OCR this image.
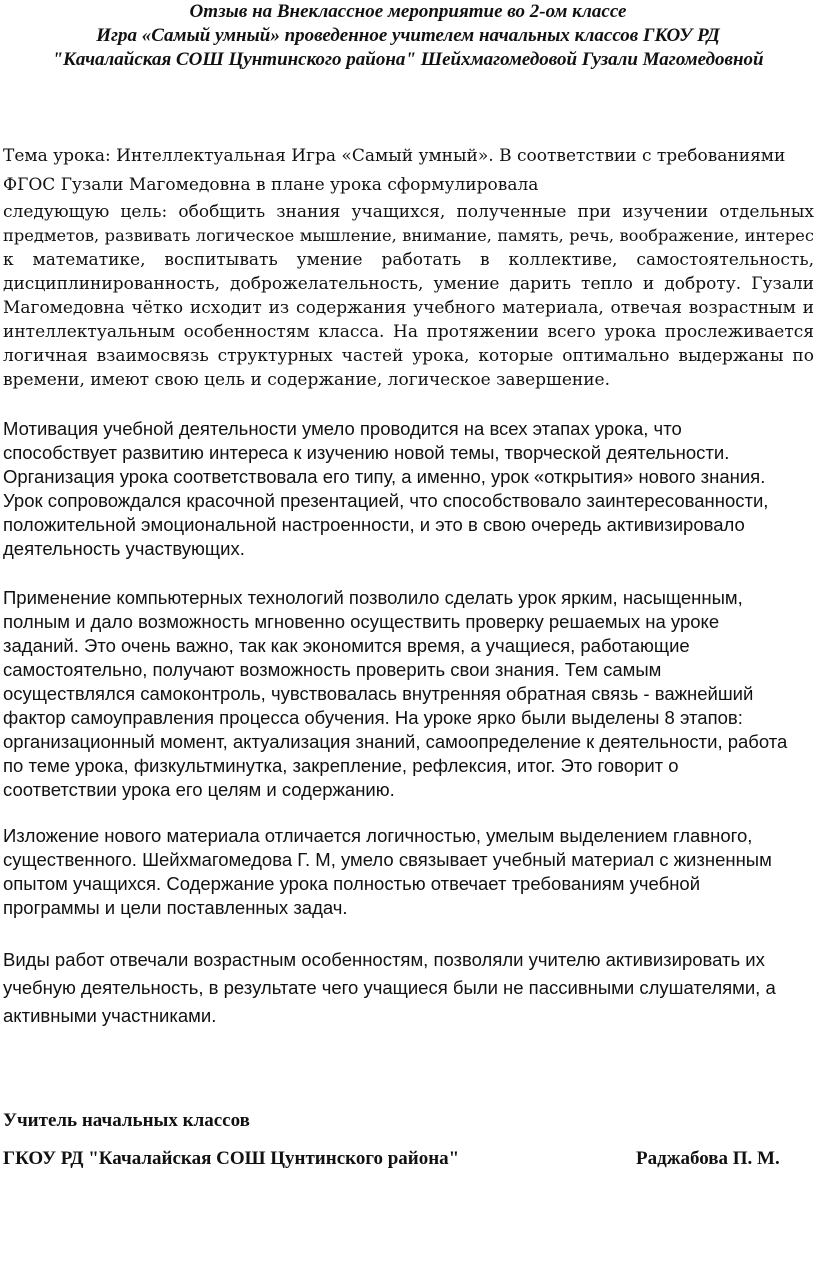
Отзыв на Внеклассное мероприятие во 2-ом классе
Игра «Самый умный» проведенное учителем начальных классов ГКОУ РД
"Качалайская СОШ Цунтинского района" Шейхмагомедовой Гузали Магомедовной
Тема урока: Интеллектуальная Игра «Самый умный». В соответствии с требованиями
ФГОС Гузали Магомедовна в плане урока сформулировала
следующую цель: обобщить знания учащихся, полученные при изучении отдельных
предметов, развивать логическое мышление, внимание, память, речь, воображение, интерес
к математике, воспитывать умение работать в коллективе, самостоятельность,
дисциплинированность, доброжелательность, умение дарить тепло и доброту. Гузали
Магомедовна чётко исходит из содержания учебного материала, отвечая возрастным и
интеллектуальным особенностям класса. На протяжении всего урока прослеживается
логичная взаимосвязь структурных частей урока, которые оптимально выдержаны по
времени, имеют свою цель и содержание, логическое завершение.
Мотивация учебной деятельности умело проводится на всех этапах урока, что
способствует развитию интереса к изучению новой темы, творческой деятельности.
Организация урока соответствовала его типу, а именно, урок «открытия» нового знания.
Урок сопровождался красочной презентацией, что способствовало заинтересованности,
положительной эмоциональной настроенности, и это в свою очередь активизировало
деятельность участвующих.
Применение компьютерных технологий позволило сделать урок ярким, насыщенным,
полным и дало возможность мгновенно осуществить проверку решаемых на уроке
заданий. Это очень важно, так как экономится время, а учащиеся, работающие
самостоятельно, получают возможность проверить свои знания. Тем самым
осуществлялся самоконтроль, чувствовалась внутренняя обратная связь - важнейший
фактор самоуправления процесса обучения. На уроке ярко были выделены 8 этапов:
организационный момент, актуализация знаний, самоопределение к деятельности, работа
по теме урока, физкультминутка, закрепление, рефлексия, итог. Это говорит о
соответствии урока его целям и содержанию.
Изложение нового материала отличается логичностью, умелым выделением главного,
существенного. Шейхмагомедова Г. М, умело связывает учебный материал с жизненным
опытом учащихся. Содержание урока полностью отвечает требованиям учебной
программы и цели поставленных задач.
Виды работ отвечали возрастным особенностям, позволяли учителю активизировать их
учебную деятельность, в результате чего учащиеся были не пассивными слушателями, а
активными участниками.
Учитель начальных классов
ГКОУ РД "Качалайская СОШ Цунтинского района"	Раджабова П. М.
